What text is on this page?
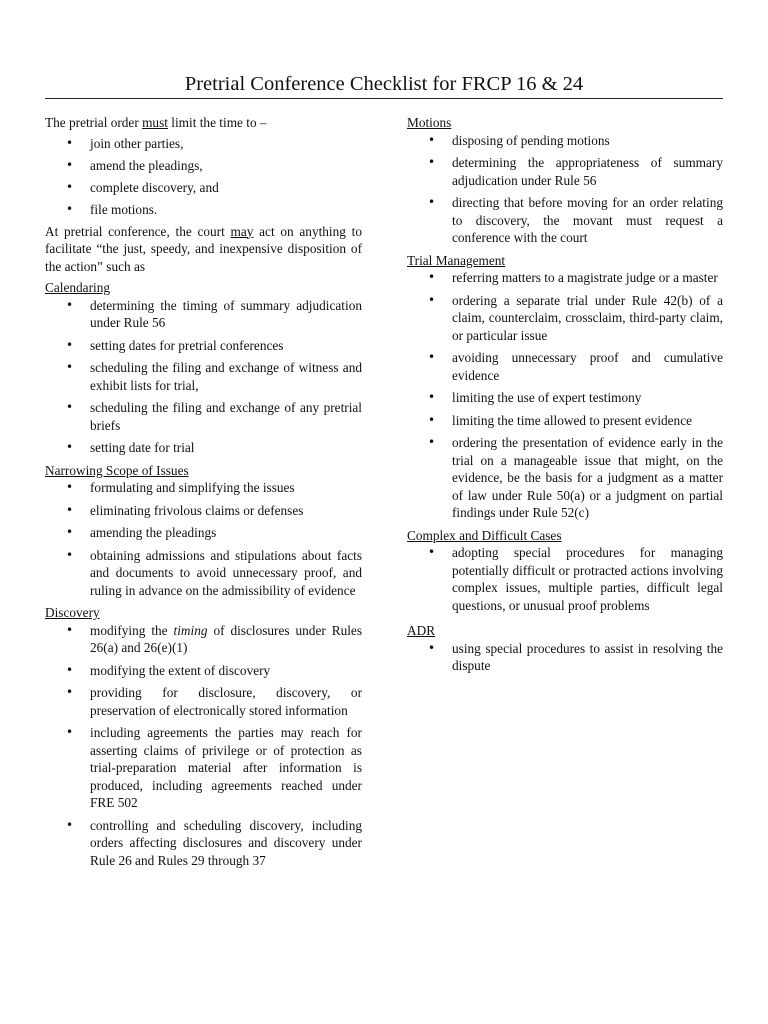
Pretrial Conference Checklist for FRCP 16 & 24

The pretrial order must limit the time to –

• join other parties,
• amend the pleadings,
• complete discovery, and
• file motions.

At pretrial conference, the court may act on anything to facilitate “the just, speedy, and inexpensive disposition of the action” such as

Calendaring

• determining the timing of summary adjudication under Rule 56
• setting dates for pretrial conferences
• scheduling the filing and exchange of witness and exhibit lists for trial,
• scheduling the filing and exchange of any pretrial briefs
• setting date for trial

Narrowing Scope of Issues

• formulating and simplifying the issues
• eliminating frivolous claims or defenses
• amending the pleadings
• obtaining admissions and stipulations about facts and documents to avoid unnecessary proof, and ruling in advance on the admissibility of evidence

Discovery

• modifying the timing of disclosures under Rules 26(a) and 26(e)(1)
• modifying the extent of discovery
• providing for disclosure, discovery, or preservation of electronically stored information
• including agreements the parties may reach for asserting claims of privilege or of protection as trial-preparation material after information is produced, including agreements reached under FRE 502
• controlling and scheduling discovery, including orders affecting disclosures and discovery under Rule 26 and Rules 29 through 37

Motions

• disposing of pending motions
• determining the appropriateness of summary adjudication under Rule 56
• directing that before moving for an order relating to discovery, the movant must request a conference with the court

Trial Management

• referring matters to a magistrate judge or a master
• ordering a separate trial under Rule 42(b) of a claim, counterclaim, crossclaim, third-party claim, or particular issue
• avoiding unnecessary proof and cumulative evidence
• limiting the use of expert testimony
• limiting the time allowed to present evidence
• ordering the presentation of evidence early in the trial on a manageable issue that might, on the evidence, be the basis for a judgment as a matter of law under Rule 50(a) or a judgment on partial findings under Rule 52(c)

Complex and Difficult Cases

• adopting special procedures for managing potentially difficult or protracted actions involving complex issues, multiple parties, difficult legal questions, or unusual proof problems

ADR

• using special procedures to assist in resolving the dispute
